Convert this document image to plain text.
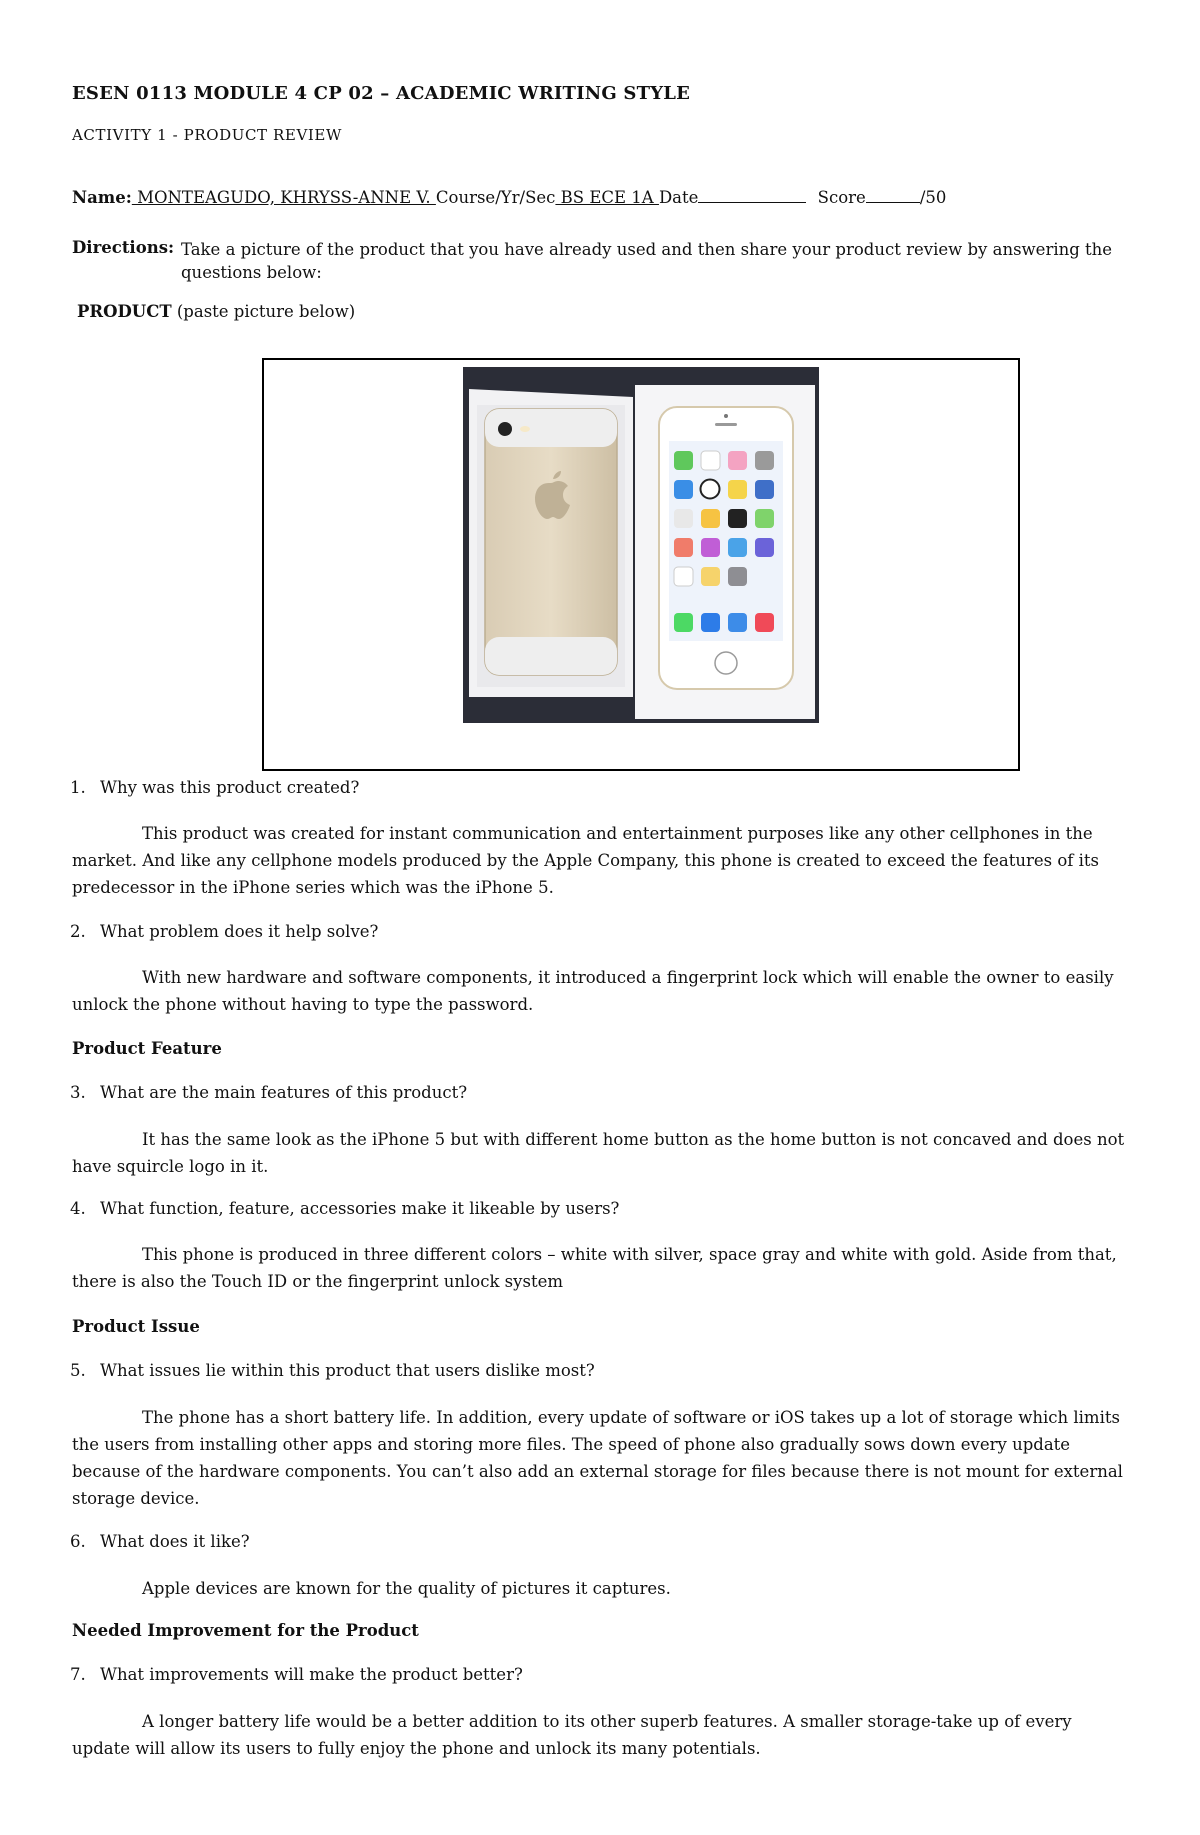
ESEN 0113 MODULE 4 CP 02 – ACADEMIC WRITING STYLE
ACTIVITY 1 - PRODUCT REVIEW
Name: MONTEAGUDO, KHRYSS-ANNE V. Course/Yr/Sec BS ECE 1A Date	Score	/50
Directions: Take a picture of the product that you have already used and then share your product review by answering the questions below:
PRODUCT (paste picture below)
1. Why was this product created?
This product was created for instant communication and entertainment purposes like any other cellphones in the market. And like any cellphone models produced by the Apple Company, this phone is created to exceed the features of its predecessor in the iPhone series which was the iPhone 5.
2. What problem does it help solve?
With new hardware and software components, it introduced a fingerprint lock which will enable the owner to easily unlock the phone without having to type the password.
Product Feature
3. What are the main features of this product?
It has the same look as the iPhone 5 but with different home button as the home button is not concaved and does not have squircle logo in it.
4. What function, feature, accessories make it likeable by users?
This phone is produced in three different colors – white with silver, space gray and white with gold. Aside from that, there is also the Touch ID or the fingerprint unlock system
Product Issue
5. What issues lie within this product that users dislike most?
The phone has a short battery life. In addition, every update of software or iOS takes up a lot of storage which limits the users from installing other apps and storing more files. The speed of phone also gradually sows down every update because of the hardware components. You can’t also add an external storage for files because there is not mount for external storage device.
6. What does it like?
Apple devices are known for the quality of pictures it captures.
Needed Improvement for the Product
7. What improvements will make the product better?
A longer battery life would be a better addition to its other superb features. A smaller storage-take up of every update will allow its users to fully enjoy the phone and unlock its many potentials.
